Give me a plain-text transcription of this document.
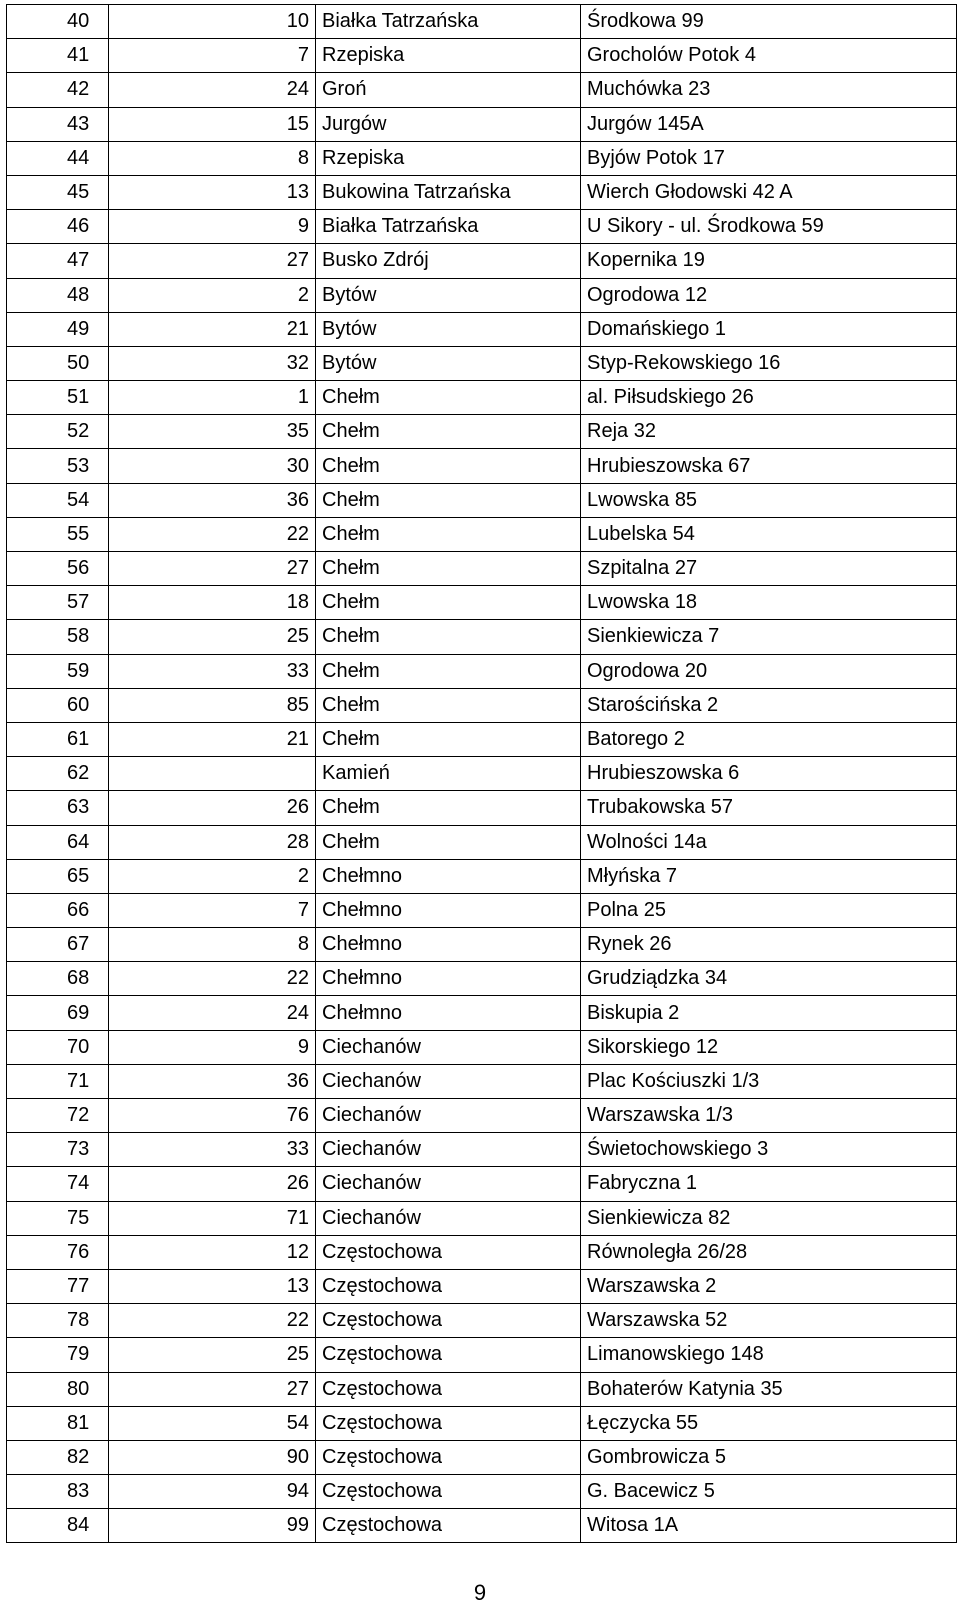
40	10	Białka Tatrzańska	Środkowa 99
41	7	Rzepiska	Grocholów Potok 4
42	24	Groń	Muchówka 23
43	15	Jurgów	Jurgów 145A
44	8	Rzepiska	Byjów Potok 17
45	13	Bukowina Tatrzańska	Wierch Głodowski 42 A
46	9	Białka Tatrzańska	U Sikory - ul. Środkowa 59
47	27	Busko Zdrój	Kopernika 19
48	2	Bytów	Ogrodowa 12
49	21	Bytów	Domańskiego 1
50	32	Bytów	Styp-Rekowskiego 16
51	1	Chełm	al. Piłsudskiego 26
52	35	Chełm	Reja 32
53	30	Chełm	Hrubieszowska 67
54	36	Chełm	Lwowska 85
55	22	Chełm	Lubelska 54
56	27	Chełm	Szpitalna 27
57	18	Chełm	Lwowska 18
58	25	Chełm	Sienkiewicza 7
59	33	Chełm	Ogrodowa 20
60	85	Chełm	Starościńska 2
61	21	Chełm	Batorego 2
62		Kamień	Hrubieszowska 6
63	26	Chełm	Trubakowska 57
64	28	Chełm	Wolności 14a
65	2	Chełmno	Młyńska 7
66	7	Chełmno	Polna 25
67	8	Chełmno	Rynek 26
68	22	Chełmno	Grudziądzka 34
69	24	Chełmno	Biskupia 2
70	9	Ciechanów	Sikorskiego 12
71	36	Ciechanów	Plac Kościuszki 1/3
72	76	Ciechanów	Warszawska 1/3
73	33	Ciechanów	Świetochowskiego 3
74	26	Ciechanów	Fabryczna 1
75	71	Ciechanów	Sienkiewicza 82
76	12	Częstochowa	Równoległa 26/28
77	13	Częstochowa	Warszawska 2
78	22	Częstochowa	Warszawska 52
79	25	Częstochowa	Limanowskiego 148
80	27	Częstochowa	Bohaterów Katynia 35
81	54	Częstochowa	Łęczycka 55
82	90	Częstochowa	Gombrowicza 5
83	94	Częstochowa	G. Bacewicz 5
84	99	Częstochowa	Witosa 1A
9
